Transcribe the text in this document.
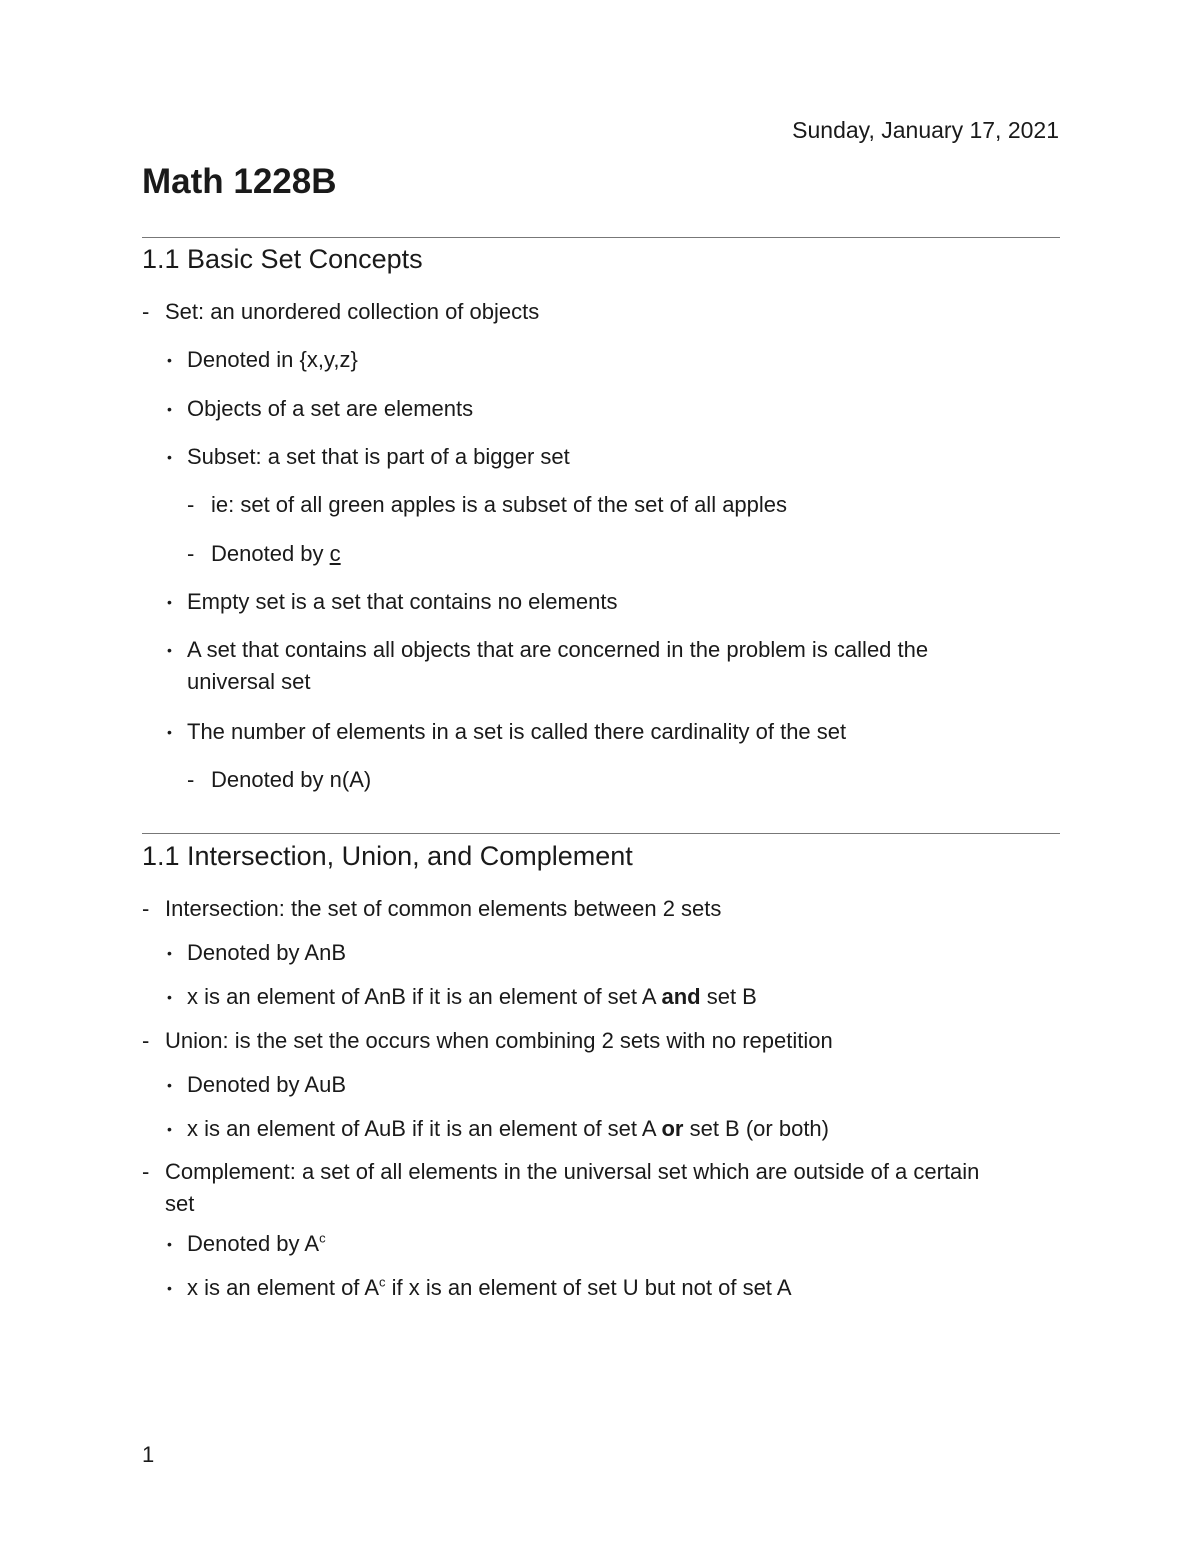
Sunday, January 17, 2021

Math 1228B
1.1 Basic Set Concepts
- Set: an unordered collection of objects

• Denoted in {x,y,z}

• Objects of a set are elements

• Subset: a set that is part of a bigger set

- ie: set of all green apples is a subset of the set of all apples

- Denoted by c

• Empty set is a set that contains no elements

• A set that contains all objects that are concerned in the problem is called the
universal set

• The number of elements in a set is called there cardinality of the set

- Denoted by n(A)

1.1 Intersection, Union, and Complement
- Intersection: the set of common elements between 2 sets

• Denoted by AnB

• x is an element of AnB if it is an element of set A and set B

- Union: is the set the occurs when combining 2 sets with no repetition

• Denoted by AuB

• x is an element of AuB if it is an element of set A or set B (or both)

- Complement: a set of all elements in the universal set which are outside of a certain
set

• Denoted by $A^c$

• x is an element of $A^c$ if x is an element of set U but not of set A

1
